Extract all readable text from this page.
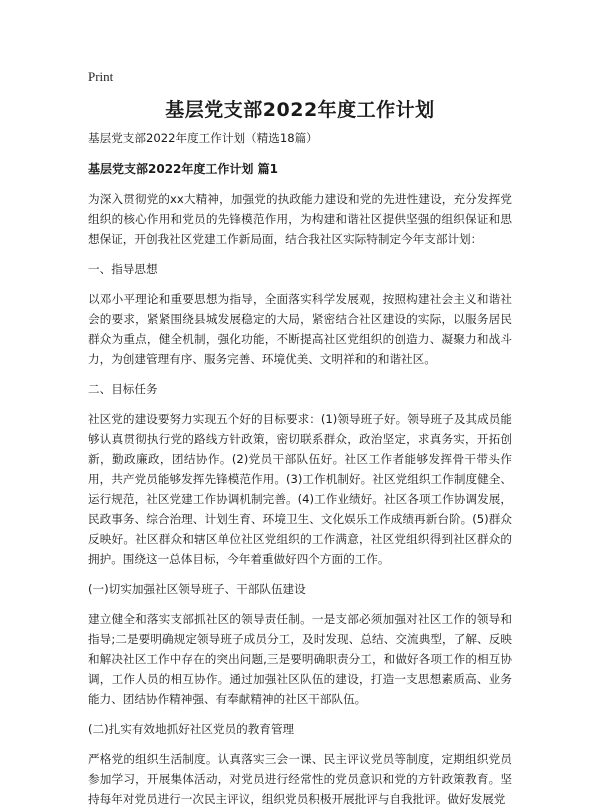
Print
基层党支部2022年度工作计划

基层党支部2022年度工作计划（精选18篇）

基层党支部2022年度工作计划 篇1

为深入贯彻党的xx大精神，加强党的执政能力建设和党的先进性建设，充分发挥党组织的核心作用和党员的先锋模范作用，为构建和谐社区提供坚强的组织保证和思想保证，开创我社区党建工作新局面，结合我社区实际特制定今年支部计划：

一、指导思想

以邓小平理论和重要思想为指导，全面落实科学发展观，按照构建社会主义和谐社会的要求，紧紧围绕县城发展稳定的大局，紧密结合社区建设的实际，以服务居民群众为重点，健全机制，强化功能，不断提高社区党组织的创造力、凝聚力和战斗力，为创建管理有序、服务完善、环境优美、文明祥和的和谐社区。

二、目标任务

社区党的建设要努力实现五个好的目标要求：(1)领导班子好。领导班子及其成员能够认真贯彻执行党的路线方针政策，密切联系群众，政治坚定，求真务实，开拓创新，勤政廉政，团结协作。(2)党员干部队伍好。社区工作者能够发挥骨干带头作用，共产党员能够发挥先锋模范作用。(3)工作机制好。社区党组织工作制度健全、运行规范，社区党建工作协调机制完善。(4)工作业绩好。社区各项工作协调发展，民政事务、综合治理、计划生育、环境卫生、文化娱乐工作成绩再新台阶。(5)群众反映好。社区群众和辖区单位社区党组织的工作满意，社区党组织得到社区群众的拥护。围绕这一总体目标，今年着重做好四个方面的工作。

(一)切实加强社区领导班子、干部队伍建设

建立健全和落实支部抓社区的领导责任制。一是支部必须加强对社区工作的领导和指导;二是要明确规定领导班子成员分工，及时发现、总结、交流典型，了解、反映和解决社区工作中存在的突出问题,三是要明确职责分工，和做好各项工作的相互协调，工作人员的相互协作。通过加强社区队伍的建设，打造一支思想素质高、业务能力、团结协作精神强、有奉献精神的社区干部队伍。

(二)扎实有效地抓好社区党员的教育管理

严格党的组织生活制度。认真落实三会一课、民主评议党员等制度，定期组织党员参加学习，开展集体活动，对党员进行经常性的党员意识和党的方针政策教育。坚持每年对党员进行一次民主评议，组织党员积极开展批评与自我批评。做好发展党
